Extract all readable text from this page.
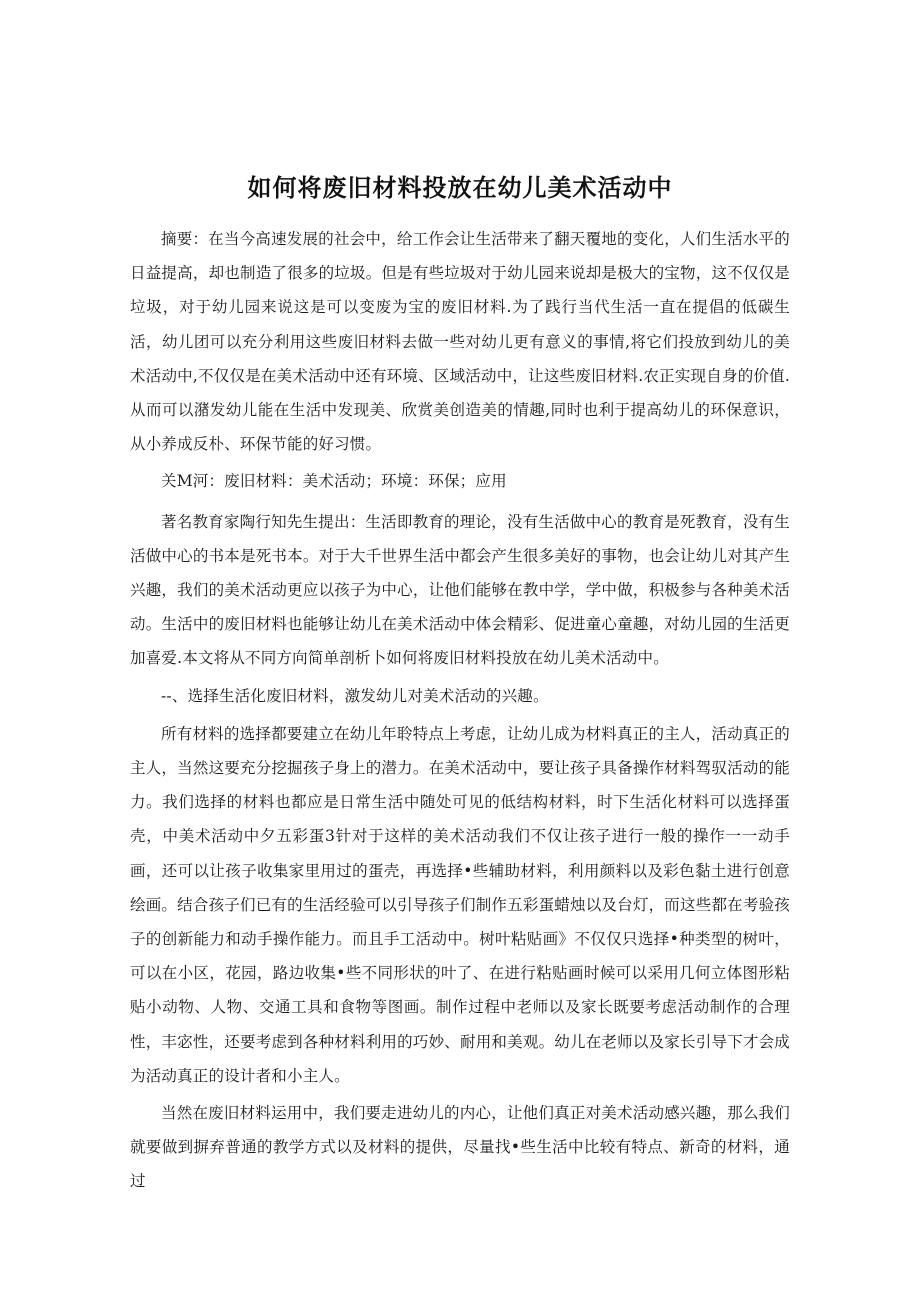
如何将废旧材料投放在幼儿美术活动中

摘要：在当今高速发展的社会中，给工作会让生活带来了翻天覆地的变化，人们生活水平的日益提高，却也制造了很多的垃圾。但是有些垃圾对于幼儿园来说却是极大的宝物，这不仅仅是垃圾，对于幼儿园来说这是可以变废为宝的废旧材料.为了践行当代生活一直在提倡的低碳生活，幼儿团可以充分利用这些废旧材料去做一些对幼儿更有意义的事情,将它们投放到幼儿的美术活动中,不仅仅是在美术活动中还有环境、区域活动中，让这些废旧材料.农正实现自身的价值.从而可以潴发幼儿能在生活中发现美、欣赏美创造美的情趣,同时也利于提高幼儿的环保意识，从小养成反朴、环保节能的好习惯。

关M河：废旧材料：美术活动；环境：环保；应用

著名教育家陶行知先生提出：生活即教育的理论，没有生活做中心的教育是死教育，没有生活做中心的书本是死书本。对于大千世界生活中都会产生很多美好的事物，也会让幼儿对其产生兴趣，我们的美术活动更应以孩子为中心，让他们能够在教中学，学中做，积极参与各种美术活动。生活中的废旧材料也能够让幼儿在美术活动中体会精彩、促进童心童趣，对幼儿园的生活更加喜爱.本文将从不同方向简单剖析卜如何将废旧材料投放在幼儿美术活动中。

--、选择生活化废旧材料，激发幼儿对美术活动的兴趣。

所有材料的选择都要建立在幼儿年聆特点上考虑，让幼儿成为材料真正的主人，活动真正的主人，当然这要充分挖掘孩子身上的潜力。在美术活动中，要让孩子具备操作材料驾驭活动的能力。我们选择的材料也都应是日常生活中随处可见的低结构材料，时下生活化材料可以选择蛋壳，中美术活动中夕五彩蛋3针对于这样的美术活动我们不仅让孩子进行一般的操作一一动手画，还可以让孩子收集家里用过的蛋壳，再选择•些辅助材料，利用颜料以及彩色黏土进行创意绘画。结合孩子们已有的生活经验可以引导孩子们制作五彩蛋蜡烛以及台灯，而这些都在考验孩子的创新能力和动手操作能力。而且手工活动中。树叶粘贴画》不仅仅只选择•种类型的树叶，可以在小区，花园，路边收集•些不同形状的叶了、在进行粘贴画时候可以采用几何立体图形粘贴小动物、人物、交通工具和食物等图画。制作过程中老师以及家长既要考虑活动制作的合理性，丰宓性，还要考虑到各种材料利用的巧妙、耐用和美观。幼儿在老师以及家长引导下才会成为活动真正的设计者和小主人。

当然在废旧材料运用中，我们要走进幼儿的内心，让他们真正对美术活动感兴趣，那么我们就要做到摒弃普通的教学方式以及材料的提供，尽量找•些生活中比较有特点、新奇的材料，通过
